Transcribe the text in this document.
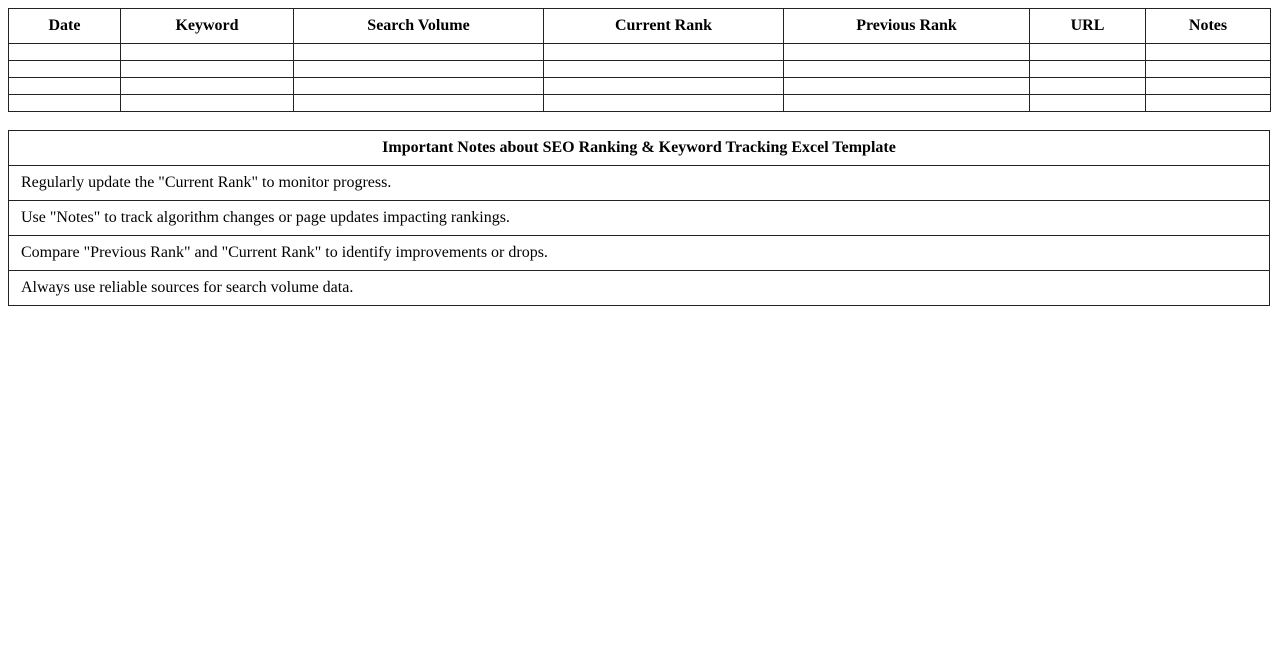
Date	Keyword	Search Volume	Current Rank	Previous Rank	URL	Notes

Important Notes about SEO Ranking & Keyword Tracking Excel Template
Regularly update the "Current Rank" to monitor progress.
Use "Notes" to track algorithm changes or page updates impacting rankings.
Compare "Previous Rank" and "Current Rank" to identify improvements or drops.
Always use reliable sources for search volume data.
